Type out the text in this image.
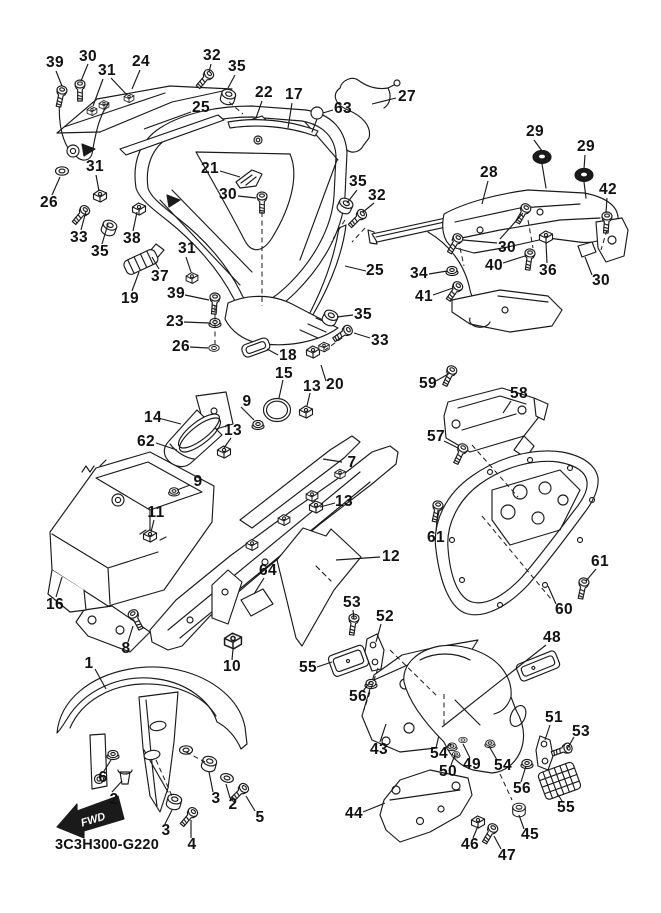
FWD
39 30
31
24	32
35
22 17
63
27
25
29
29
28
42
26
31	21
30
33
35
38
37
31
19
35
32
25 34
41
40 36
30
30
39
23
26
35
33
18
15
13 20	59
58
57
14
62
9
13
7
9
13
11
61
12	61
60
16
64
8
10
1
53
52
55
56
43
48
51
53
54
50 49 54
56
55
44
45
46
47
6
2	3 2
5
3
4
3C3H300-G220
